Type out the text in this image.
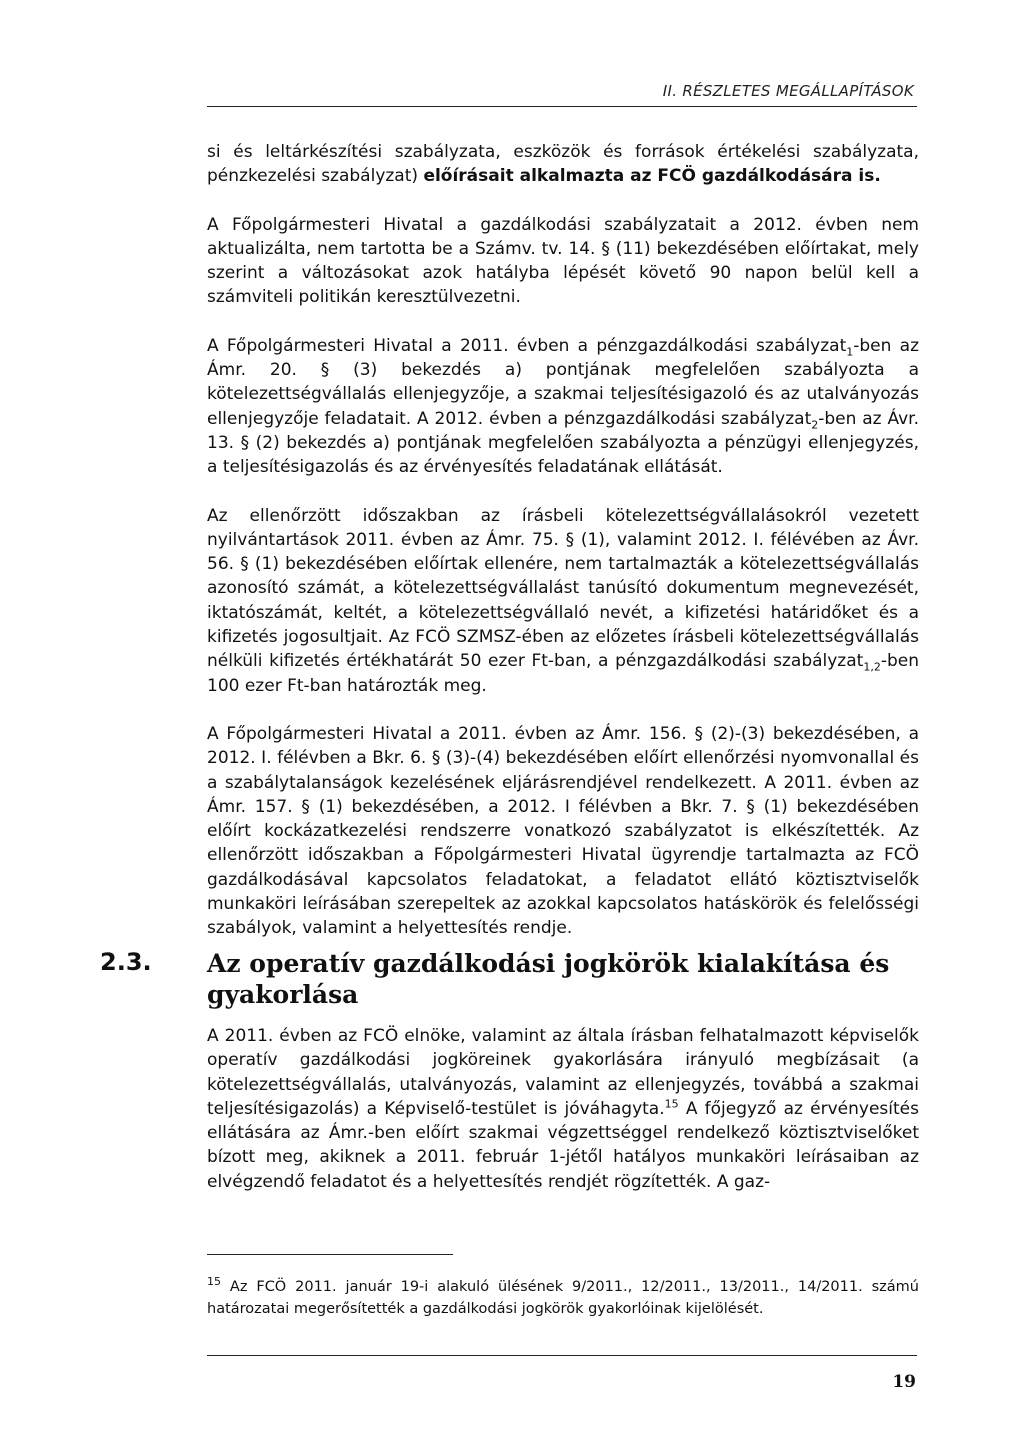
II. RÉSZLETES MEGÁLLAPÍTÁSOK

si és leltárkészítési szabályzata, eszközök és források értékelési szabályzata, pénzkezelési szabályzat) előírásait alkalmazta az FCÖ gazdálkodására is.

A Főpolgármesteri Hivatal a gazdálkodási szabályzatait a 2012. évben nem aktualizálta, nem tartotta be a Számv. tv. 14. § (11) bekezdésében előírtakat, mely szerint a változásokat azok hatályba lépését követő 90 napon belül kell a számviteli politikán keresztülvezetni.

A Főpolgármesteri Hivatal a 2011. évben a pénzgazdálkodási szabályzat$_1$-ben az Ámr. 20. § (3) bekezdés a) pontjának megfelelően szabályozta a kötelezettségvállalás ellenjegyzője, a szakmai teljesítésigazoló és az utalványozás ellenjegyzője feladatait. A 2012. évben a pénzgazdálkodási szabályzat$_2$-ben az Ávr. 13. § (2) bekezdés a) pontjának megfelelően szabályozta a pénzügyi ellenjegyzés, a teljesítésigazolás és az érvényesítés feladatának ellátását.

Az ellenőrzött időszakban az írásbeli kötelezettségvállalásokról vezetett nyilvántartások 2011. évben az Ámr. 75. § (1), valamint 2012. I. félévében az Ávr. 56. § (1) bekezdésében előírtak ellenére, nem tartalmazták a kötelezettségvállalás azonosító számát, a kötelezettségvállalást tanúsító dokumentum megnevezését, iktatószámát, keltét, a kötelezettségvállaló nevét, a kifizetési határidőket és a kifizetés jogosultjait. Az FCÖ SZMSZ-ében az előzetes írásbeli kötelezettségvállalás nélküli kifizetés értékhatárát 50 ezer Ft-ban, a pénzgazdálkodási szabályzat$_{1,2}$-ben 100 ezer Ft-ban határozták meg.

A Főpolgármesteri Hivatal a 2011. évben az Ámr. 156. § (2)-(3) bekezdésében, a 2012. I. félévben a Bkr. 6. § (3)-(4) bekezdésében előírt ellenőrzési nyomvonallal és a szabálytalanságok kezelésének eljárásrendjével rendelkezett. A 2011. évben az Ámr. 157. § (1) bekezdésében, a 2012. I félévben a Bkr. 7. § (1) bekezdésében előírt kockázatkezelési rendszerre vonatkozó szabályzatot is elkészítették. Az ellenőrzött időszakban a Főpolgármesteri Hivatal ügyrendje tartalmazta az FCÖ gazdálkodásával kapcsolatos feladatokat, a feladatot ellátó köztisztviselők munkaköri leírásában szerepeltek az azokkal kapcsolatos hatáskörök és felelősségi szabályok, valamint a helyettesítés rendje.

2.3. Az operatív gazdálkodási jogkörök kialakítása és gyakorlása

A 2011. évben az FCÖ elnöke, valamint az általa írásban felhatalmazott képviselők operatív gazdálkodási jogköreinek gyakorlására irányuló megbízásait (a kötelezettségvállalás, utalványozás, valamint az ellenjegyzés, továbbá a szakmai teljesítésigazolás) a Képviselő-testület is jóváhagyta.$^{15}$ A főjegyző az érvényesítés ellátására az Ámr.-ben előírt szakmai végzettséggel rendelkező köztisztviselőket bízott meg, akiknek a 2011. február 1-jétől hatályos munkaköri leírásaiban az elvégzendő feladatot és a helyettesítés rendjét rögzítették. A gaz-

$^{15}$ Az FCÖ 2011. január 19-i alakuló ülésének 9/2011., 12/2011., 13/2011., 14/2011. számú határozatai megerősítették a gazdálkodási jogkörök gyakorlóinak kijelölését.

19
